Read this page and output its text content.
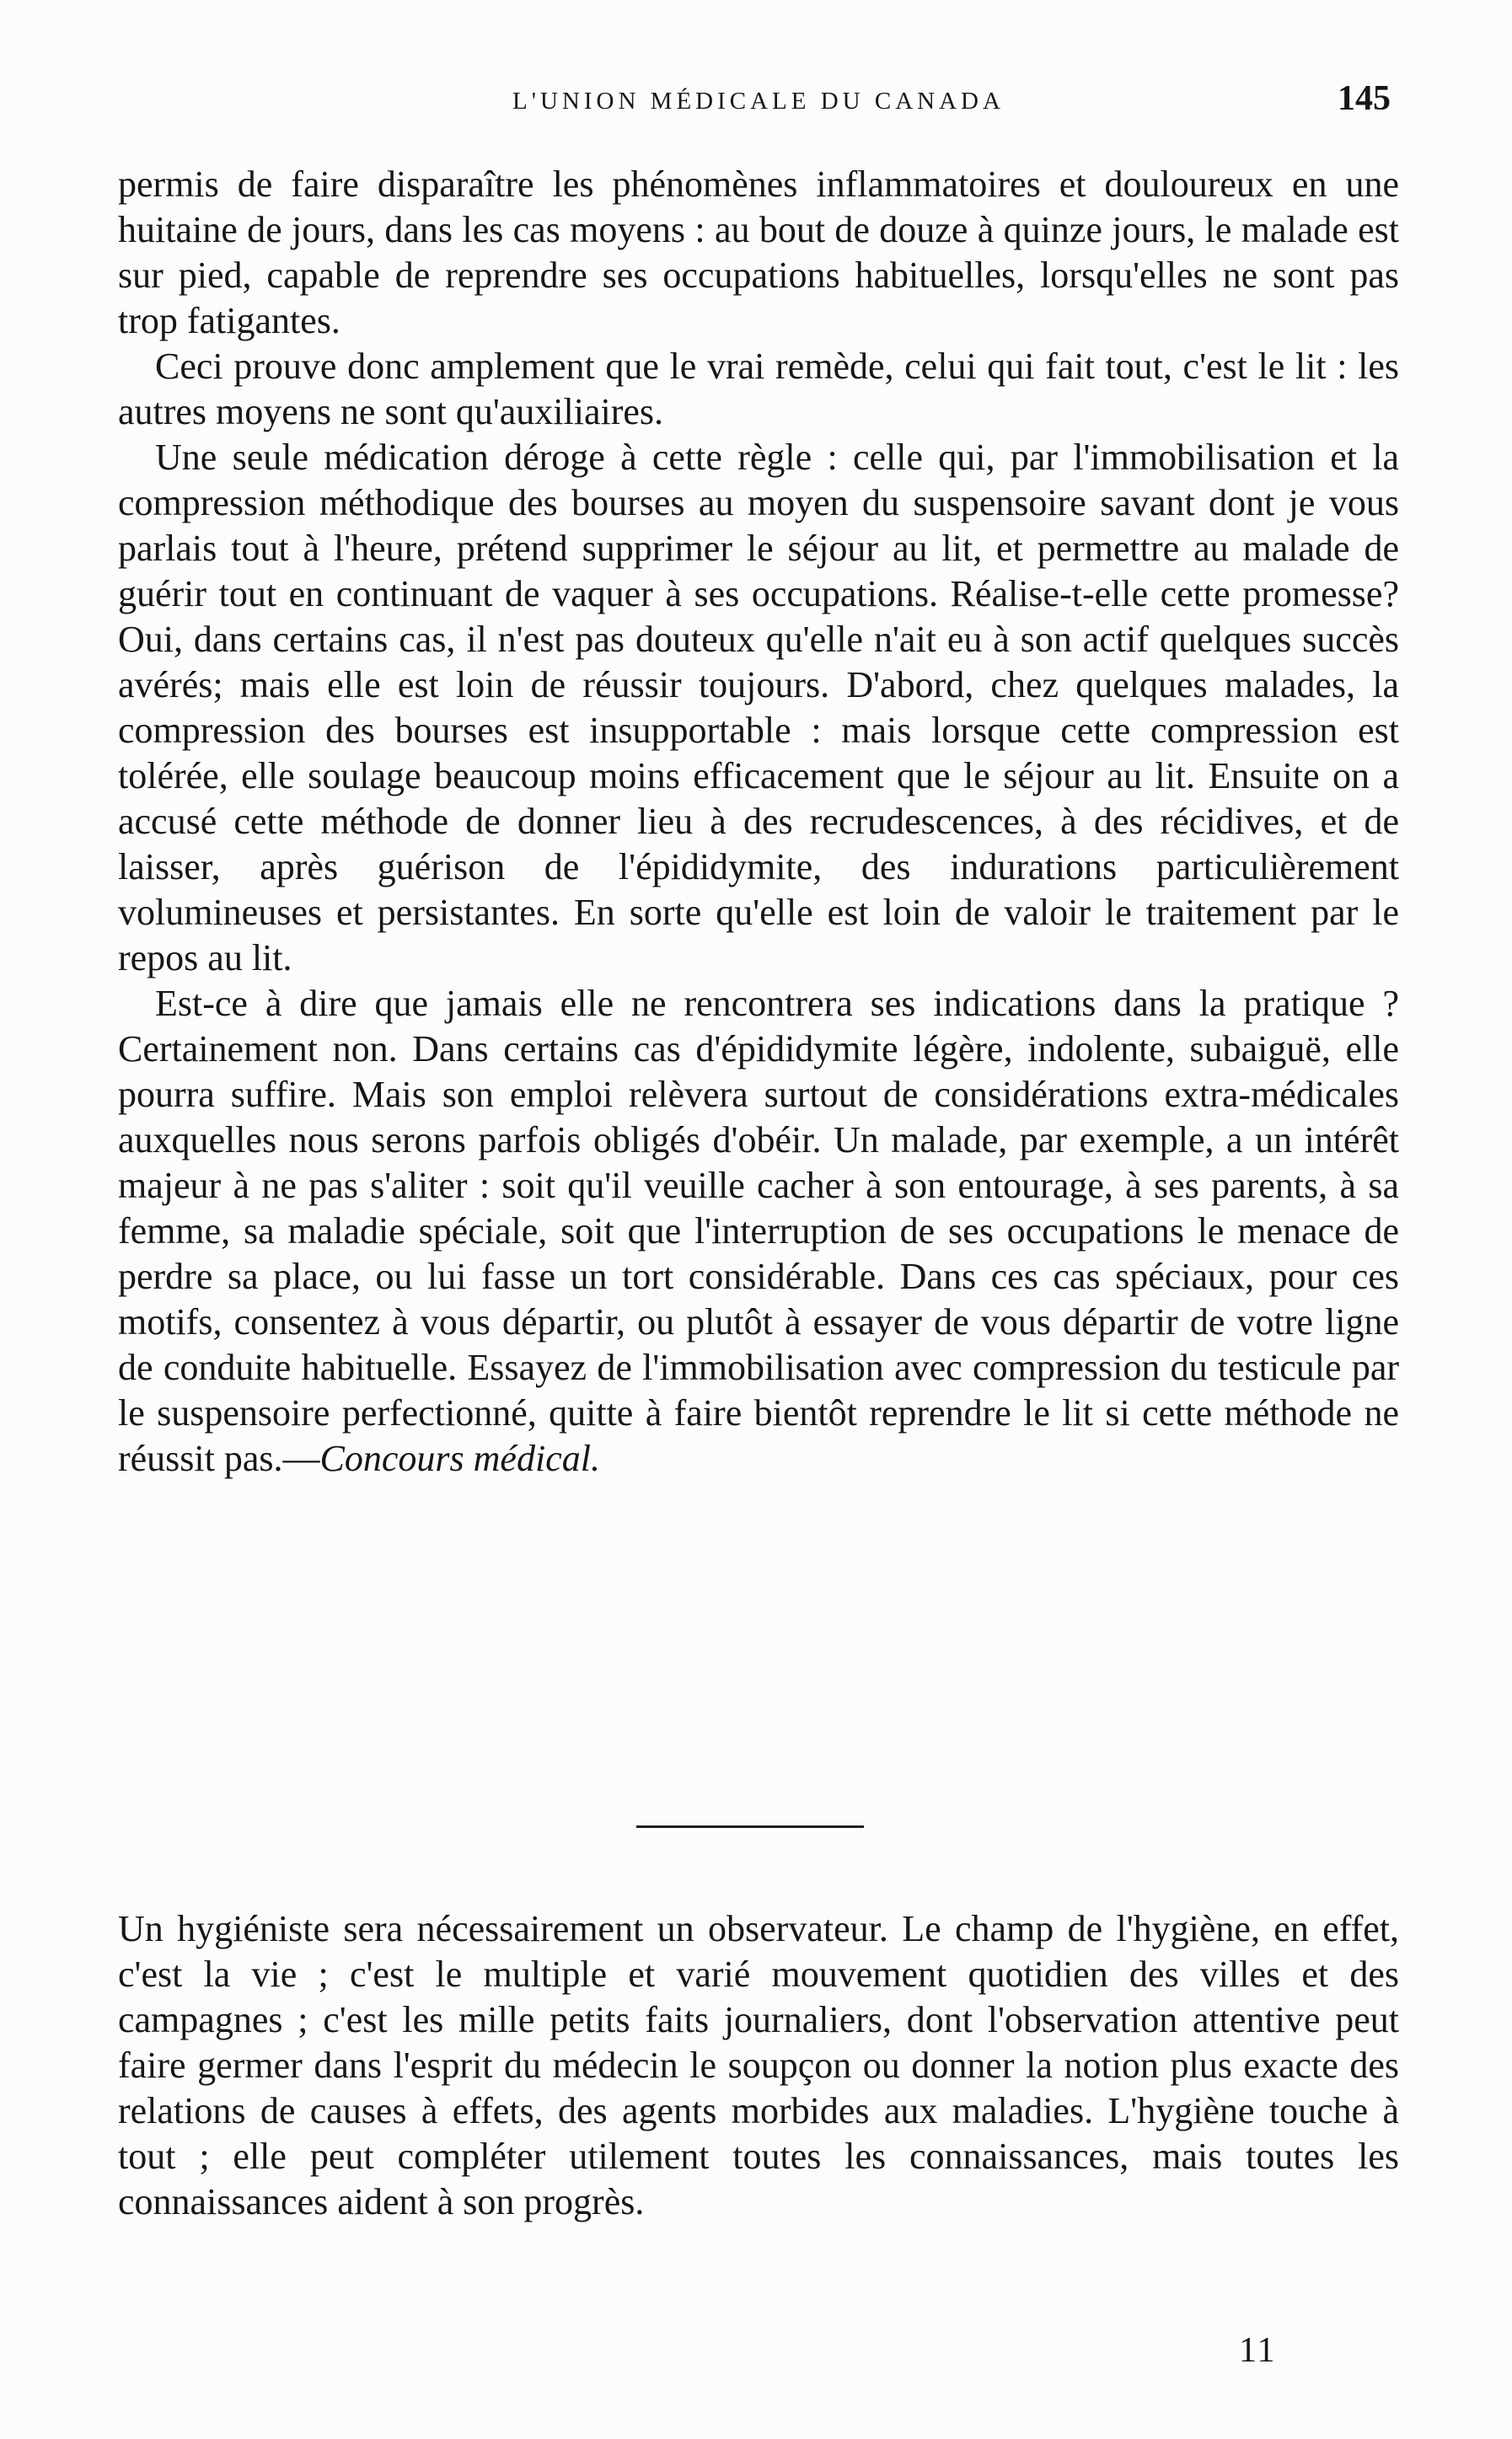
L'UNION MÉDICALE DU CANADA	145

permis de faire disparaître les phénomènes inflammatoires et douloureux en une huitaine de jours, dans les cas moyens : au bout de douze à quinze jours, le malade est sur pied, capable de reprendre ses occupations habituelles, lorsqu'elles ne sont pas trop fatigantes.

Ceci prouve donc amplement que le vrai remède, celui qui fait tout, c'est le lit : les autres moyens ne sont qu'auxiliaires.

Une seule médication déroge à cette règle : celle qui, par l'immobilisation et la compression méthodique des bourses au moyen du suspensoire savant dont je vous parlais tout à l'heure, prétend supprimer le séjour au lit, et permettre au malade de guérir tout en continuant de vaquer à ses occupations. Réalise-t-elle cette promesse? Oui, dans certains cas, il n'est pas douteux qu'elle n'ait eu à son actif quelques succès avérés; mais elle est loin de réussir toujours. D'abord, chez quelques malades, la compression des bourses est insupportable : mais lorsque cette compression est tolérée, elle soulage beaucoup moins efficacement que le séjour au lit. Ensuite on a accusé cette méthode de donner lieu à des recrudescences, à des récidives, et de laisser, après guérison de l'épididymite, des indurations particulièrement volumineuses et persistantes. En sorte qu'elle est loin de valoir le traitement par le repos au lit.

Est-ce à dire que jamais elle ne rencontrera ses indications dans la pratique ? Certainement non. Dans certains cas d'épididymite légère, indolente, subaiguë, elle pourra suffire. Mais son emploi relèvera surtout de considérations extra-médicales auxquelles nous serons parfois obligés d'obéir. Un malade, par exemple, a un intérêt majeur à ne pas s'aliter : soit qu'il veuille cacher à son entourage, à ses parents, à sa femme, sa maladie spéciale, soit que l'interruption de ses occupations le menace de perdre sa place, ou lui fasse un tort considérable. Dans ces cas spéciaux, pour ces motifs, consentez à vous départir, ou plutôt à essayer de vous départir de votre ligne de conduite habituelle. Essayez de l'immobilisation avec compression du testicule par le suspensoire perfectionné, quitte à faire bientôt reprendre le lit si cette méthode ne réussit pas.—Concours médical.

Un hygiéniste sera nécessairement un observateur. Le champ de l'hygiène, en effet, c'est la vie ; c'est le multiple et varié mouvement quotidien des villes et des campagnes ; c'est les mille petits faits journaliers, dont l'observation attentive peut faire germer dans l'esprit du médecin le soupçon ou donner la notion plus exacte des relations de causes à effets, des agents morbides aux maladies. L'hygiène touche à tout ; elle peut compléter utilement toutes les connaissances, mais toutes les connaissances aident à son progrès.

11
